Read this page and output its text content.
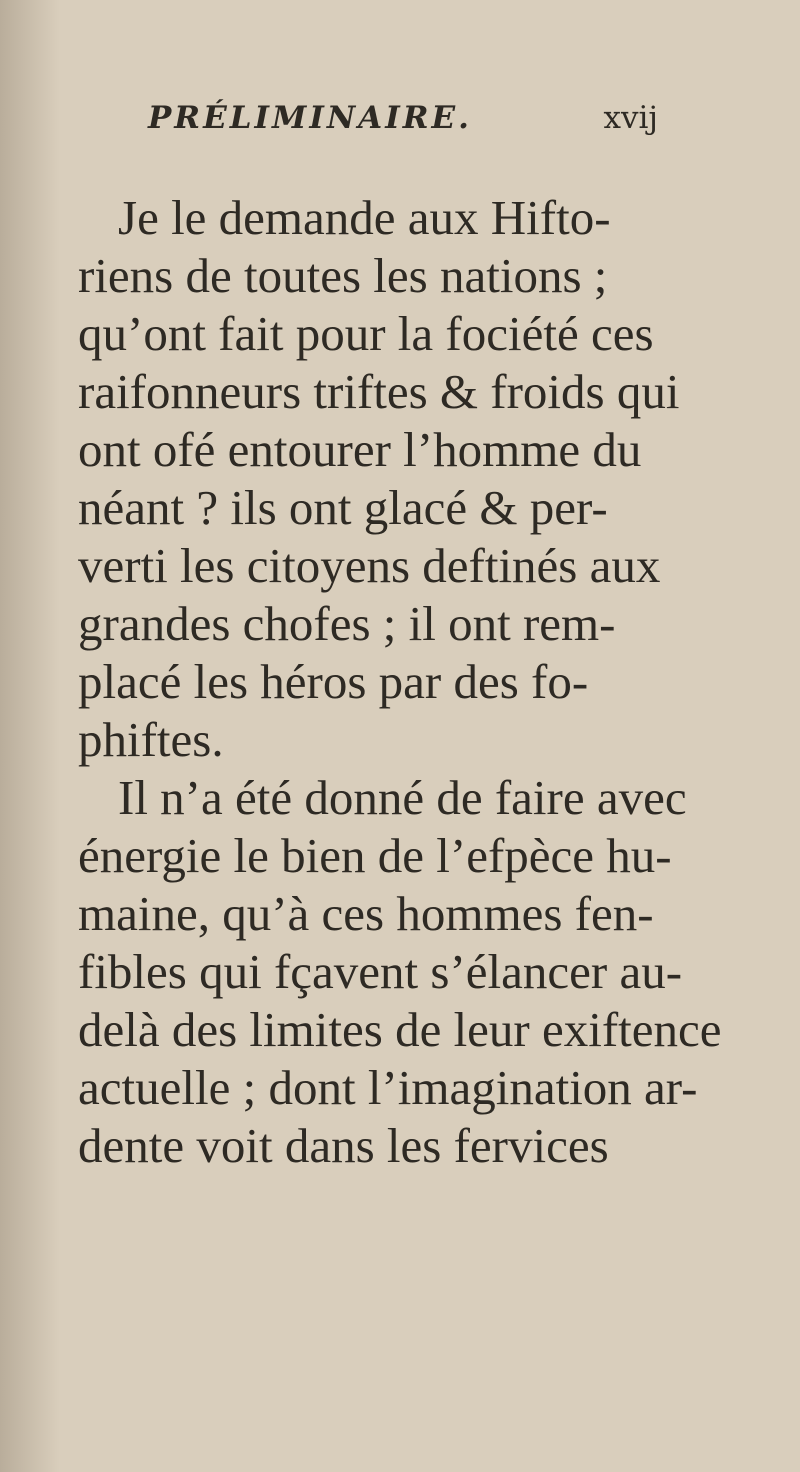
PRÉLIMINAIRE.	xvij
Je le demande aux Hifto-
riens de toutes les nations ;
qu’ont fait pour la fociété ces
raifonneurs triftes & froids qui
ont ofé entourer l’homme du
néant ? ils ont glacé & per-
verti les citoyens deftinés aux
grandes chofes ; il ont rem-
placé les héros par des fo-
phiftes.
Il n’a été donné de faire avec
énergie le bien de l’efpèce hu-
maine, qu’à ces hommes fen-
fibles qui fçavent s’élancer au-
delà des limites de leur exiftence
actuelle ; dont l’imagination ar-
dente voit dans les fervices
